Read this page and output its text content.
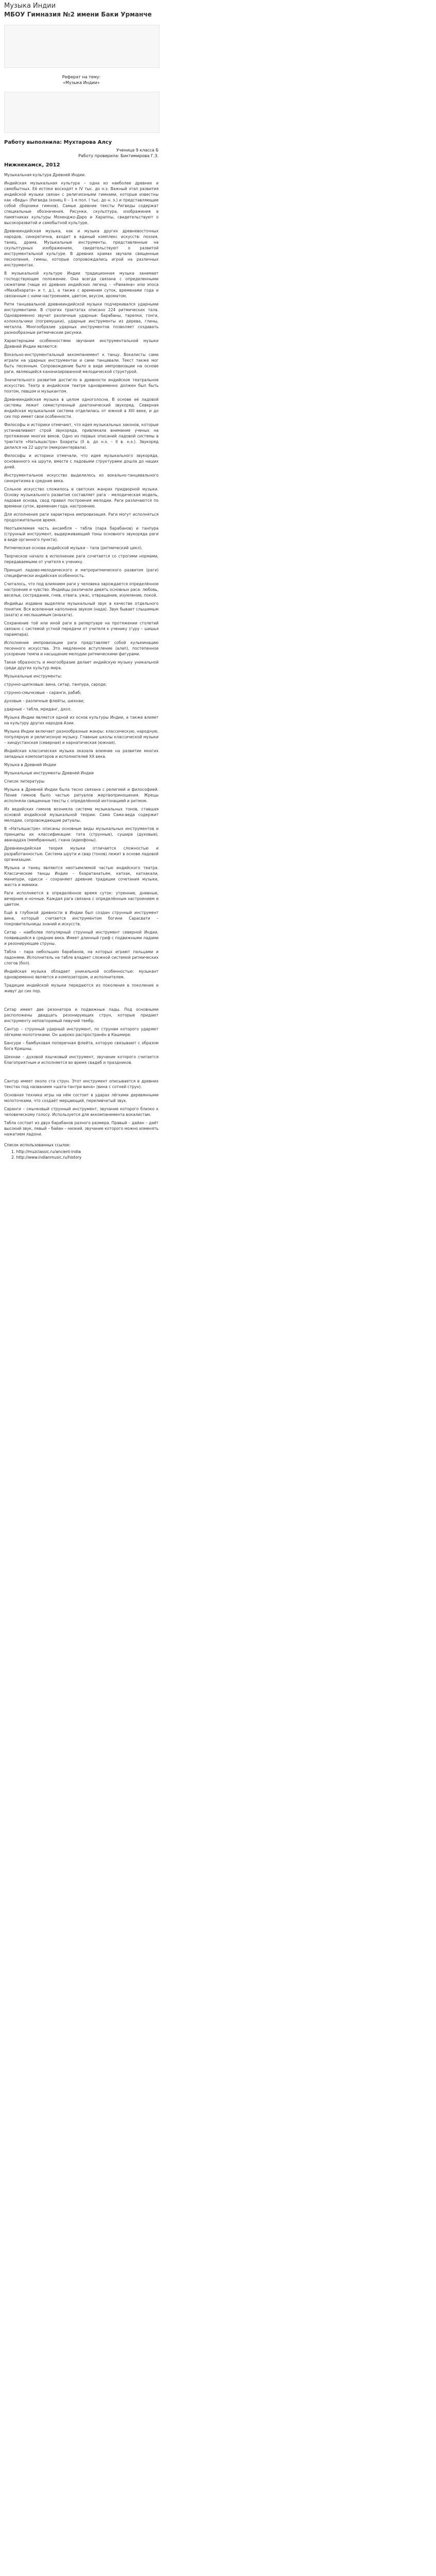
Музыка Индии
МБОУ Гимназия №2 имени Баки Урманче
Реферат на тему:
«Музыка Индии»
Работу выполнила: Мухтарова Алсу
Ученица 9 класса Б
Работу проверила: Биктимирова Г.З.
Нижнекамск, 2012

Музыкальная культура Древней Индии.

Индийская музыкальная культура – одна из наиболее древних и самобытных. Её истоки восходят к IV тыс. до н.э. Важный этап развития индийской музыки связан с религиозными гимнами, которые известны как «Веды» (Ригведа (конец II – 1-я пол. I тыс. до н. э.) и представляющие собой сборники гимнов). Самые древние тексты Ригведы содержат специальные обозначения. Рисунки, скульптура, изображения в памятниках культуры Мохенджо-Даро и Хараппы, свидетельствуют о высокоразвитой и самобытной культуре.

Древнеиндийская музыка, как и музыка других древневосточных народов, синкретична, входит в единый комплекс искусств: поэзия, танец, драма. Музыкальные инструменты, представленные на скульптурных изображениях, свидетельствуют о развитой инструментальной культуре. В древних храмах звучали священные песнопения, гимны, которые сопровождались игрой на различных инструментах.

В музыкальной культуре Индии традиционная музыка занимает господствующее положение. Она всегда связана с определенными сюжетами (чаще из древних индийских легенд – «Рамаяна» или эпоса «Махабхарата» и т. д.), а также с временем суток, временами года и связанным с ними настроением, цветом, вкусом, ароматом.

Ритм танцевальной древнеиндийской музыки подчеркивался ударными инструментами. В строгих трактатах описано 224 ритмических тала. Одновременно звучат различные ударные: барабаны, тарелки, гонги, колокольчики (погремушки), ударные инструменты из дерева, глины, металла. Многообразие ударных инструментов позволяет создавать разнообразные ритмические рисунки.

Характерными особенностями звучания инструментальной музыки Древней Индии являются:

Вокально-инструментальный аккомпанемент к танцу. Вокалисты сами играли на ударных инструментах и сами танцевали. Текст также мог быть песенным. Сопровождение было в виде импровизации на основе раги, являющейся канонизированной мелодической структурой.

Значительного развития достигло в древности индийское театральное искусство. Театр в индийском театре одновременно должен был быть поэтом, певцом и музыкантом.

Древнеиндийская музыка в целом одноголосна. В основе её ладовой системы лежит семиступенный диатонический звукоряд. Северная индийская музыкальная система отделилась от южной в XIII веке, и до сих пор имеет свои особенности.

Философы и историки отмечают, что идея музыкальных законов, которые устанавливают строй звукоряда, привлекала внимание ученых на протяжении многих веков. Одно из первых описаний ладовой системы в трактате «Натьяшастра» Бхараты (II в. до н.э. – II в. н.э.). Звукоряд делился на 22 шрути (микроинтервала).

Философы и историки отмечали, что идея музыкального звукоряда, основанного на шрути, вместе с ладовыми структурами дошла до наших дней.

Инструментальное искусство выделилось из вокально-танцевального синкретизма в средние века.

Сольное искусство сложилось в светских жанрах придворной музыки. Основу музыкального развития составляет рага – мелодическая модель, ладовая основа, свод правил построения мелодии. Раги различаются по времени суток, временам года, настроению.

Для исполнения раги характерна импровизация. Раги могут исполняться продолжительное время.

Неотъемлемая часть ансамбля – табла (пара барабанов) и танпура (струнный инструмент, выдерживающий тоны основного звукоряда раги в виде органного пункта).

Ритмическая основа индийской музыки – тала (ритмический цикл).

Творческое начало в исполнении раги сочетается со строгими нормами, передаваемыми от учителя к ученику.

Принцип ладово-мелодического и метроритмического развития (раги) специфически индийская особенность.

Считалось, что под влиянием раги у человека зарождается определённое настроение и чувство. Индийцы различали девять основных раса: любовь, веселье, сострадание, гнев, отвага, ужас, отвращение, изумление, покой.

Индийцы издавна выделяли музыкальный звук в качестве отдельного понятия. Вся вселенная наполнена звуком (нада). Звук бывает слышимым (ахата) и неслышимым (анахата).

Сохранение той или иной раги в репертуаре на протяжении столетий связано с системой устной передачи от учителя к ученику (гуру – шишья парампара).

Исполнение импровизации раги представляет собой кульминацию песенного искусства. Это медленное вступление (алап), постепенное ускорение темпа и насыщение мелодии ритмическими фигурами.

Такая образность и многообразие делает индийскую музыку уникальной среди других культур мира.

Музыкальные инструменты:

струнно-щипковые: вина, ситар, танпура, сароде;

струнно-смычковые – саранги, рабаб;

духовые – различные флейты, шехнаи;

ударные – табла, мриданг, дхол.

Музыка Индии является одной из основ культуры Индии, а также влияет на культуру других народов Азии.

Музыка Индии включает разнообразные жанры: классическую, народную, популярную и религиозную музыку. Главные школы классической музыки – хиндустанская (северная) и карнатическая (южная).

Индийская классическая музыка оказала влияние на развитие многих западных композиторов и исполнителей XX века.

Музыка в Древней Индии

Музыкальные инструменты Древней Индии

Список литературы

Музыка в Древней Индии была тесно связана с религией и философией. Пение гимнов было частью ритуалов жертвоприношения. Жрецы исполняли священные тексты с определённой интонацией и ритмом.

Из ведийских гимнов возникла система музыкальных тонов, ставшая основой индийской музыкальной теории. Сама Сама-веда содержит мелодии, сопровождающие ритуалы.

В «Натьяшастре» описаны основные виды музыкальных инструментов и принципы их классификации: тата (струнные), сушира (духовые), аванаддха (мембранные), гхана (идиофоны).

Древнеиндийская теория музыки отличается сложностью и разработанностью. Система шрути и свар (тонов) лежит в основе ладовой организации.

Музыка и танец являются неотъемлемой частью индийского театра. Классические танцы Индии – бхаратанатьям, катхак, катхакали, манипури, одисси – сохраняют древние традиции сочетания музыки, жеста и мимики.

Раги исполняются в определённое время суток: утренние, дневные, вечерние и ночные. Каждая рага связана с определённым настроением и цветом.

Ещё в глубокой древности в Индии был создан струнный инструмент вина, который считается инструментом богини Сарасвати – покровительницы знаний и искусств.

Ситар – наиболее популярный струнный инструмент северной Индии, появившийся в средние века. Имеет длинный гриф с подвижными ладами и резонирующие струны.

Табла – пара небольших барабанов, на которых играют пальцами и ладонями. Исполнитель на табле владеет сложной системой ритмических слогов (бол).

Индийская музыка обладает уникальной особенностью: музыкант одновременно является и композитором, и исполнителем.

Традиции индийской музыки передаются из поколения в поколение и живут до сих пор.

Ситар имеет две резонатора и подвижные лады. Под основными расположены двадцать резонирующих струн, которые придают инструменту неповторимый певучий тембр.

Сантур – струнный ударный инструмент, по струнам которого ударяют лёгкими молоточками. Он широко распространён в Кашмире.

Бансури – бамбуковая поперечная флейта, которую связывают с образом бога Кришны.

Шехнаи – духовой язычковый инструмент, звучание которого считается благоприятным и исполняется во время свадеб и праздников.

Сантур имеет около ста струн. Этот инструмент описывается в древних текстах под названием «шата-тантри вина» (вина с сотней струн).

Основная техника игры на нём состоит в ударах лёгкими деревянными молоточками, что создаёт мерцающий, переливчатый звук.

Саранги – смычковый струнный инструмент, звучание которого близко к человеческому голосу. Используется для аккомпанемента вокалистам.

Табла состоит из двух барабанов разного размера. Правый – дайан – даёт высокий звук, левый – байан – низкий, звучание которого можно изменять нажатием ладони.

Список использованных ссылок:
1. http://muzclassic.ru/ancient-india
2. http://www.indianmusic.ru/history
